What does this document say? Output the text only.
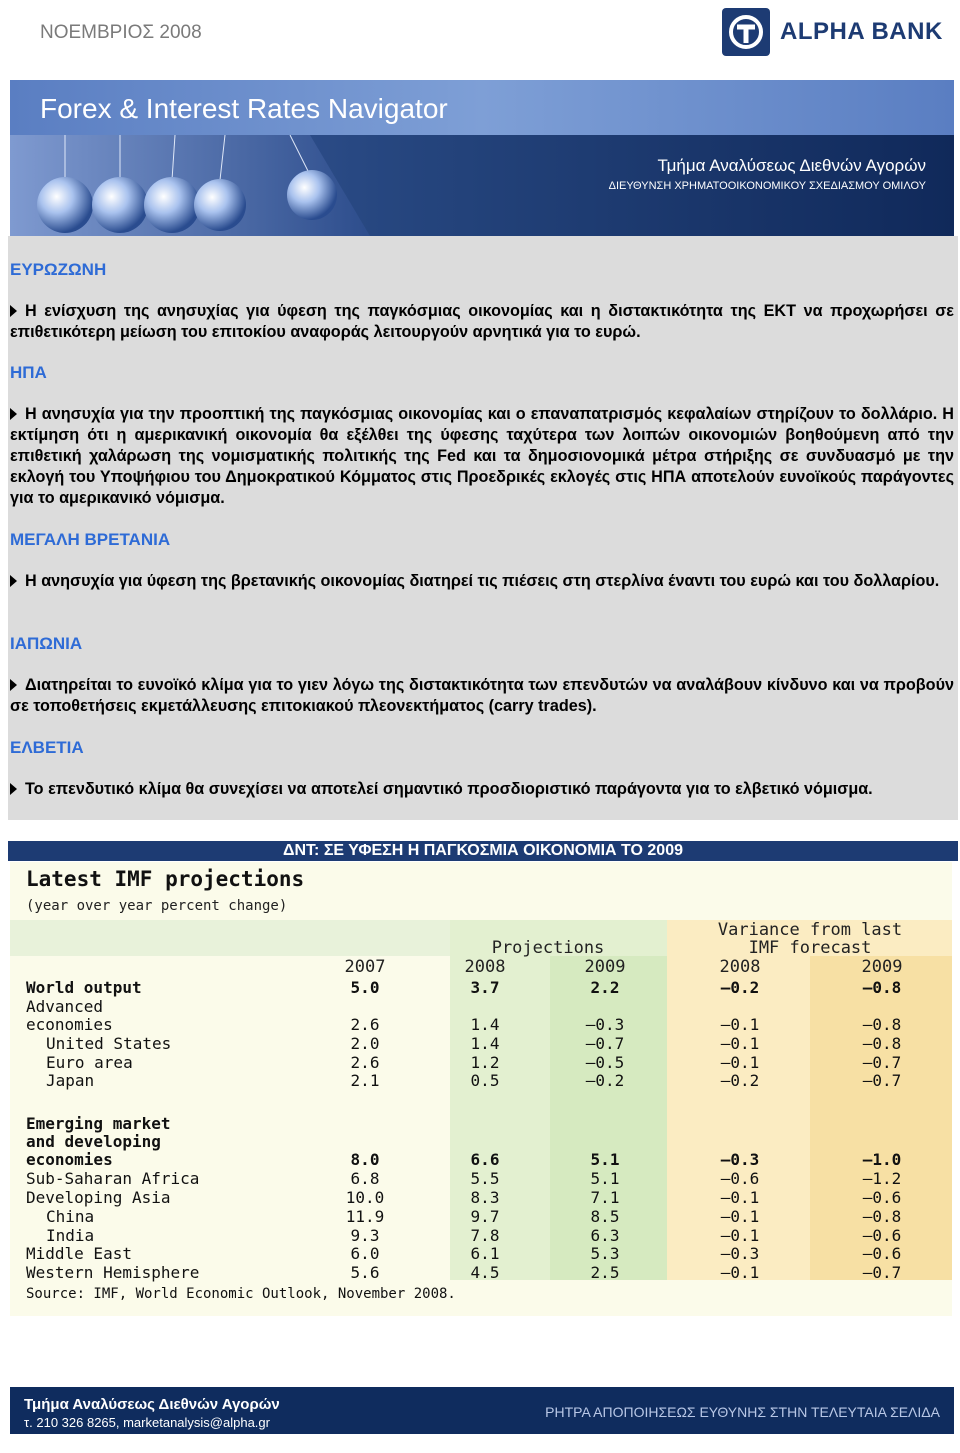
ΝΟΕΜΒΡΙΟΣ 2008	ALPHA BANK
Forex & Interest Rates Navigator
Τμήμα Αναλύσεως Διεθνών Αγορών
ΔΙΕΥΘΥΝΣΗ ΧΡΗΜΑΤΟΟΙΚΟΝΟΜΙΚΟΥ ΣΧΕΔΙΑΣΜΟΥ ΟΜΙΛΟΥ
ΕΥΡΩΖΩΝΗ
Η ενίσχυση της ανησυχίας για ύφεση της παγκόσμιας οικονομίας και η διστακτικότητα της ΕΚΤ να προχωρήσει σε επιθετικότερη μείωση του επιτοκίου αναφοράς λειτουργούν αρνητικά για το ευρώ.
ΗΠΑ
Η ανησυχία για την προοπτική της παγκόσμιας οικονομίας και ο επαναπατρισμός κεφαλαίων στηρίζουν το δολλάριο. Η εκτίμηση ότι η αμερικανική οικονομία θα εξέλθει της ύφεσης ταχύτερα των λοιπών οικονομιών βοηθούμενη από την επιθετική χαλάρωση της νομισματικής πολιτικής της Fed και τα δημοσιονομικά μέτρα στήριξης σε συνδυασμό με την εκλογή του Υποψήφιου του Δημοκρατικού Κόμματος στις Προεδρικές εκλογές στις ΗΠΑ αποτελούν ευνοϊκούς παράγοντες για το αμερικανικό νόμισμα.
ΜΕΓΑΛΗ ΒΡΕΤΑΝΙΑ
Η ανησυχία για ύφεση της βρετανικής οικονομίας διατηρεί τις πιέσεις στη στερλίνα έναντι του ευρώ και του δολλαρίου.
ΙΑΠΩΝΙΑ
Διατηρείται το ευνοϊκό κλίμα για το γιεν λόγω της διστακτικότητα των επενδυτών να αναλάβουν κίνδυνο και να προβούν σε τοποθετήσεις εκμετάλλευσης επιτοκιακού πλεονεκτήματος (carry trades).
ΕΛΒΕΤΙΑ
Το επενδυτικό κλίμα θα συνεχίσει να αποτελεί σημαντικό προσδιοριστικό παράγοντα για το ελβετικό νόμισμα.
ΔΝΤ: ΣΕ ΥΦΕΣΗ Η ΠΑΓΚΟΣΜΙΑ ΟΙΚΟΝΟΜΙΑ ΤΟ 2009
Latest IMF projections
(year over year percent change)
Projections
Variance from last
IMF forecast
2007	2008	2009	2008	2009
World output	5.0	3.7	2.2	–0.2	–0.8
Advanced
economies	2.6	1.4	–0.3	–0.1	–0.8
United States	2.0	1.4	–0.7	–0.1	–0.8
Euro area	2.6	1.2	–0.5	–0.1	–0.7
Japan	2.1	0.5	–0.2	–0.2	–0.7
Emerging market
and developing
economies	8.0	6.6	5.1	–0.3	–1.0
Sub-Saharan Africa	6.8	5.5	5.1	–0.6	–1.2
Developing Asia	10.0	8.3	7.1	–0.1	–0.6
China	11.9	9.7	8.5	–0.1	–0.8
India	9.3	7.8	6.3	–0.1	–0.6
Middle East	6.0	6.1	5.3	–0.3	–0.6
Western Hemisphere	5.6	4.5	2.5	–0.1	–0.7
Source: IMF, World Economic Outlook, November 2008.
Τμήμα Αναλύσεως Διεθνών Αγορών
τ. 210 326 8265, marketanalysis@alpha.gr
ΡΗΤΡΑ ΑΠΟΠΟΙΗΣΕΩΣ ΕΥΘΥΝΗΣ ΣΤΗΝ ΤΕΛΕΥΤΑΙΑ ΣΕΛΙΔΑ
